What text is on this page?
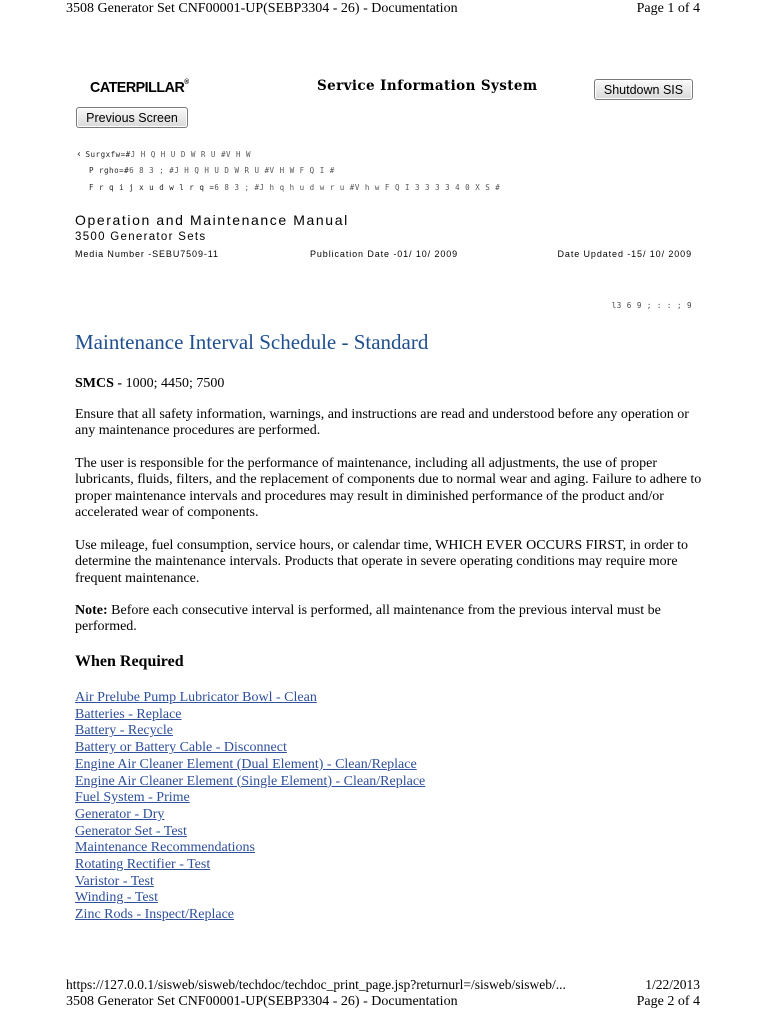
3508 Generator Set CNF00001-UP(SEBP3304 - 26) - Documentation	Page 1 of 4
CATERPILLAR®	Service Information System	Shutdown SIS
Previous Screen
‹ Surgxfw=#J H Q H U D W R U #V H W
P rgho=#6 8 3 ; #J H Q H U D W R U #V H W F Q I #
F r q i j x u d w l r q =6 8 3 ; #J h q h u d w r u #V h w F Q I 3 3 3 3 4 0 X S #
Operation and Maintenance Manual
3500 Generator Sets
Media Number -SEBU7509-11	Publication Date -01/ 10/ 2009	Date Updated -15/ 10/ 2009
l3 6 9 ; : : ; 9
Maintenance Interval Schedule - Standard
SMCS - 1000; 4450; 7500

Ensure that all safety information, warnings, and instructions are read and understood before any operation or any maintenance procedures are performed.

The user is responsible for the performance of maintenance, including all adjustments, the use of proper lubricants, fluids, filters, and the replacement of components due to normal wear and aging. Failure to adhere to proper maintenance intervals and procedures may result in diminished performance of the product and/or accelerated wear of components.

Use mileage, fuel consumption, service hours, or calendar time, WHICH EVER OCCURS FIRST, in order to determine the maintenance intervals. Products that operate in severe operating conditions may require more frequent maintenance.

Note: Before each consecutive interval is performed, all maintenance from the previous interval must be performed.

When Required
Air Prelube Pump Lubricator Bowl - Clean
Batteries - Replace
Battery - Recycle
Battery or Battery Cable - Disconnect
Engine Air Cleaner Element (Dual Element) - Clean/Replace
Engine Air Cleaner Element (Single Element) - Clean/Replace
Fuel System - Prime
Generator - Dry
Generator Set - Test
Maintenance Recommendations
Rotating Rectifier - Test
Varistor - Test
Winding - Test
Zinc Rods - Inspect/Replace
https://127.0.0.1/sisweb/sisweb/techdoc/techdoc_print_page.jsp?returnurl=/sisweb/sisweb/...	1/22/2013
3508 Generator Set CNF00001-UP(SEBP3304 - 26) - Documentation	Page 2 of 4
